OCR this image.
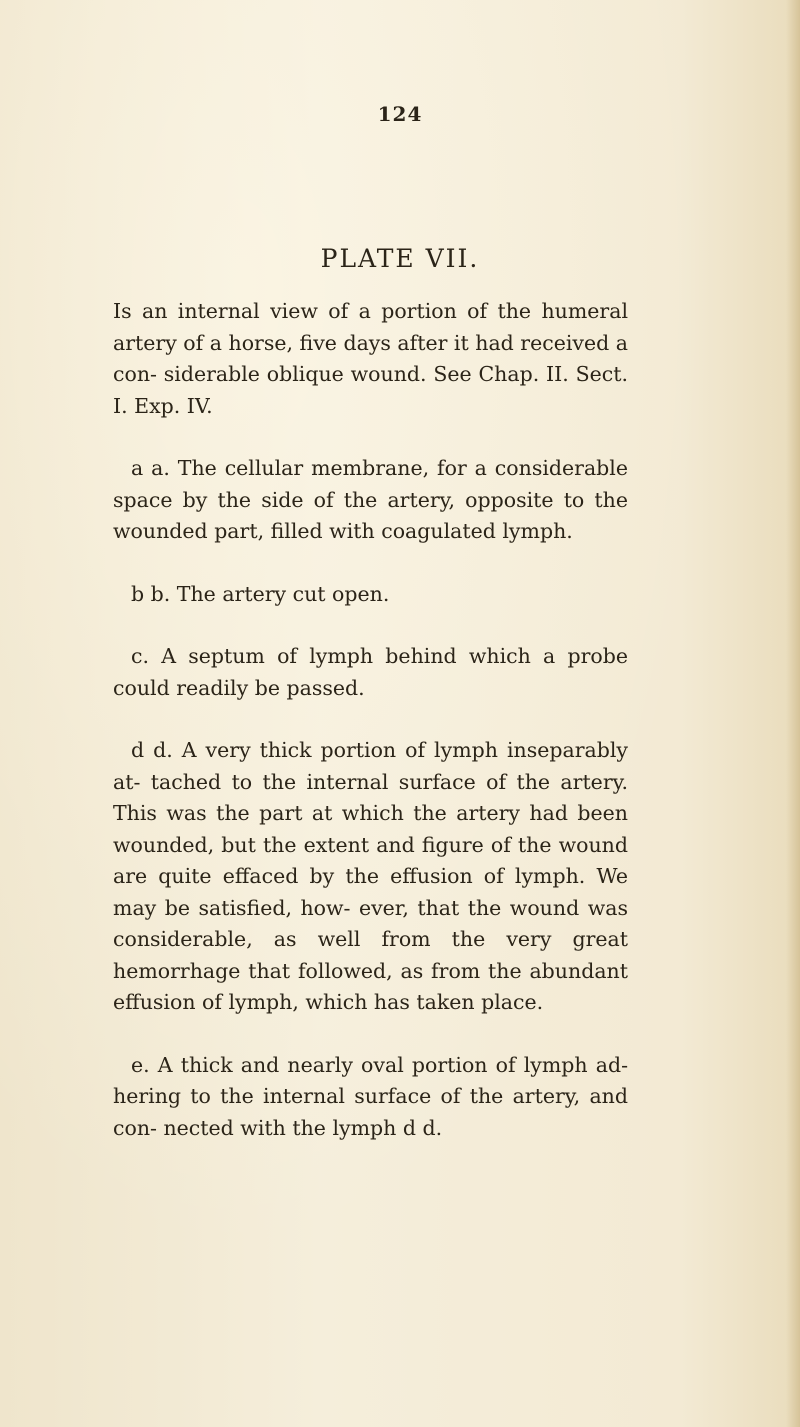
124
PLATE VII.

Is an internal view of a portion of the humeral artery of a horse, five days after it had received a con- siderable oblique wound. See Chap. II. Sect. I. Exp. IV.

a a. The cellular membrane, for a considerable space by the side of the artery, opposite to the wounded part, filled with coagulated lymph.

b b. The artery cut open.

c. A septum of lymph behind which a probe could readily be passed.

d d. A very thick portion of lymph inseparably at- tached to the internal surface of the artery. This was the part at which the artery had been wounded, but the extent and figure of the wound are quite effaced by the effusion of lymph. We may be satisfied, how- ever, that the wound was considerable, as well from the very great hemorrhage that followed, as from the abundant effusion of lymph, which has taken place.

e. A thick and nearly oval portion of lymph ad- hering to the internal surface of the artery, and con- nected with the lymph d d.
